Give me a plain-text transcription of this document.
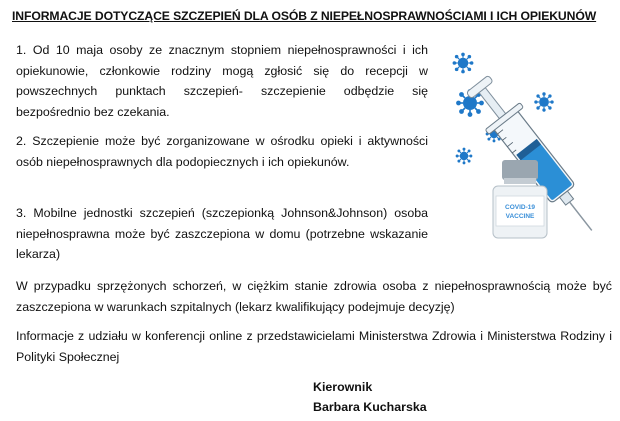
INFORMACJE DOTYCZĄCE SZCZEPIEŃ DLA OSÓB Z NIEPEŁNOSPRAWNOŚCIAMI I ICH OPIEKUNÓW
1. Od 10 maja osoby ze znacznym stopniem niepełnosprawności i ich opiekunowie, członkowie rodziny mogą zgłosić się do recepcji w powszechnych punktach szczepień- szczepienie odbędzie się bezpośrednio bez czekania.
2. Szczepienie może być zorganizowane w ośrodku opieki i aktywności osób niepełnosprawnych dla podopiecznych i ich opiekunów.
3. Mobilne jednostki szczepień (szczepionką Johnson&Johnson) osoba niepełnosprawna może być zaszczepiona w domu (potrzebne wskazanie lekarza)
W przypadku sprzężonych schorzeń, w ciężkim stanie zdrowia osoba z niepełnosprawnością może być zaszczepiona w warunkach szpitalnych (lekarz kwalifikujący podejmuje decyzję)
Informacje z udziału w konferencji online z przedstawicielami Ministerstwa Zdrowia i Ministerstwa Rodziny i Polityki Społecznej
Kierownik
Barbara Kucharska
COVID-19
VACCINE
